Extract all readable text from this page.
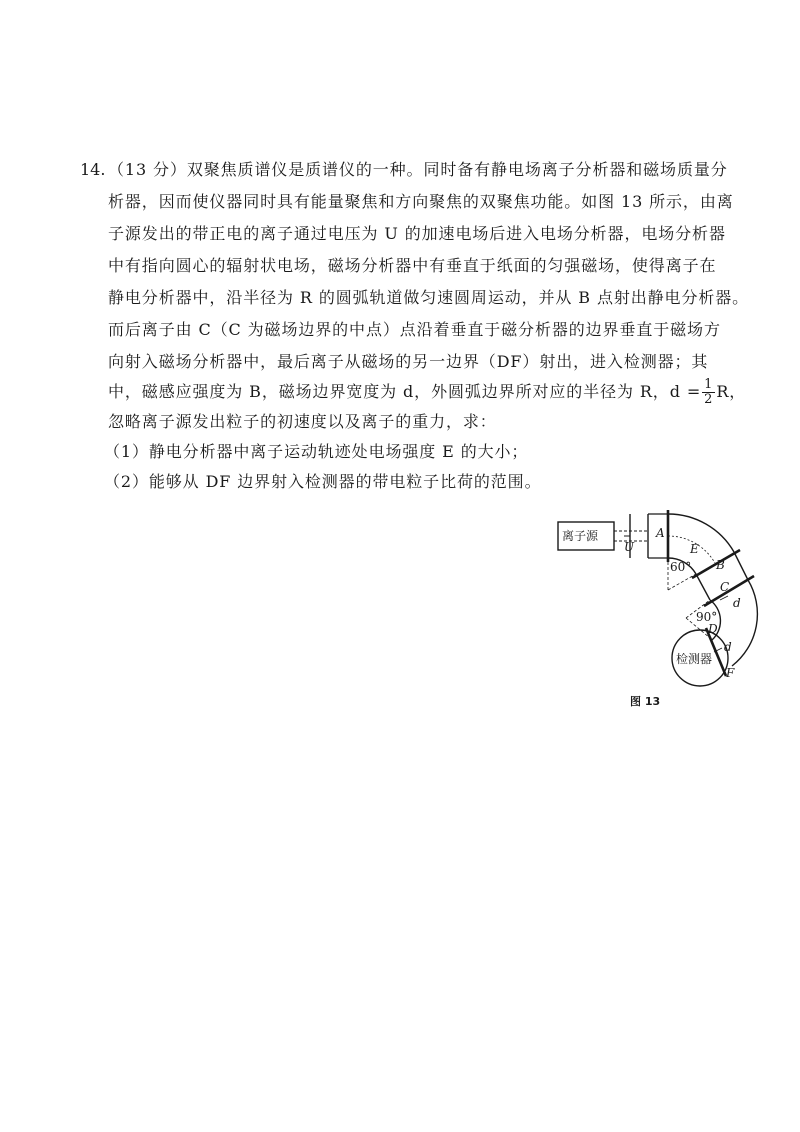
14. （13 分）双聚焦质谱仪是质谱仪的一种。同时备有静电场离子分析器和磁场质量分
析器，因而使仪器同时具有能量聚焦和方向聚焦的双聚焦功能。如图 13 所示，由离
子源发出的带正电的离子通过电压为 U 的加速电场后进入电场分析器，电场分析器
中有指向圆心的辐射状电场，磁场分析器中有垂直于纸面的匀强磁场，使得离子在
静电分析器中，沿半径为 R 的圆弧轨道做匀速圆周运动，并从 B 点射出静电分析器。
而后离子由 C（C 为磁场边界的中点）点沿着垂直于磁分析器的边界垂直于磁场方
向射入磁场分析器中，最后离子从磁场的另一边界（DF）射出，进入检测器；其
中，磁感应强度为 B，磁场边界宽度为 d，外圆弧边界所对应的半径为 R，$d = \frac{1}{2}$ R，
忽略离子源发出粒子的初速度以及离子的重力，求：
（1）静电分析器中离子运动轨迹处电场强度 E 的大小；
（2）能够从 DF 边界射入检测器的带电粒子比荷的范围。
离子源
U
A
E
B
C
60°
d
90°
D
d
检测器
F
图 13
